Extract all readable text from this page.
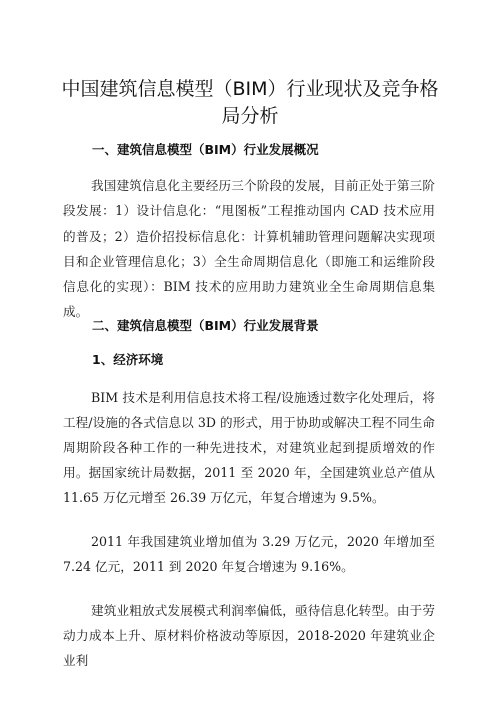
中国建筑信息模型（BIM）行业现状及竞争格局分析
一、建筑信息模型（BIM）行业发展概况

我国建筑信息化主要经历三个阶段的发展，目前正处于第三阶段发展：1）设计信息化：“甩图板”工程推动国内 CAD 技术应用的普及；2）造价招投标信息化：计算机辅助管理问题解决实现项目和企业管理信息化；3）全生命周期信息化（即施工和运维阶段信息化的实现）：BIM 技术的应用助力建筑业全生命周期信息集成。

二、建筑信息模型（BIM）行业发展背景
1、经济环境

BIM 技术是利用信息技术将工程/设施透过数字化处理后，将工程/设施的各式信息以 3D 的形式，用于协助或解决工程不同生命周期阶段各种工作的一种先进技术，对建筑业起到提质增效的作用。据国家统计局数据，2011 至 2020 年，全国建筑业总产值从 11.65 万亿元增至 26.39 万亿元，年复合增速为 9.5%。

2011 年我国建筑业增加值为 3.29 万亿元，2020 年增加至 7.24 亿元，2011 到 2020 年复合增速为 9.16%。

建筑业粗放式发展模式利润率偏低，亟待信息化转型。由于劳动力成本上升、原材料价格波动等原因，2018-2020 年建筑业企业利
